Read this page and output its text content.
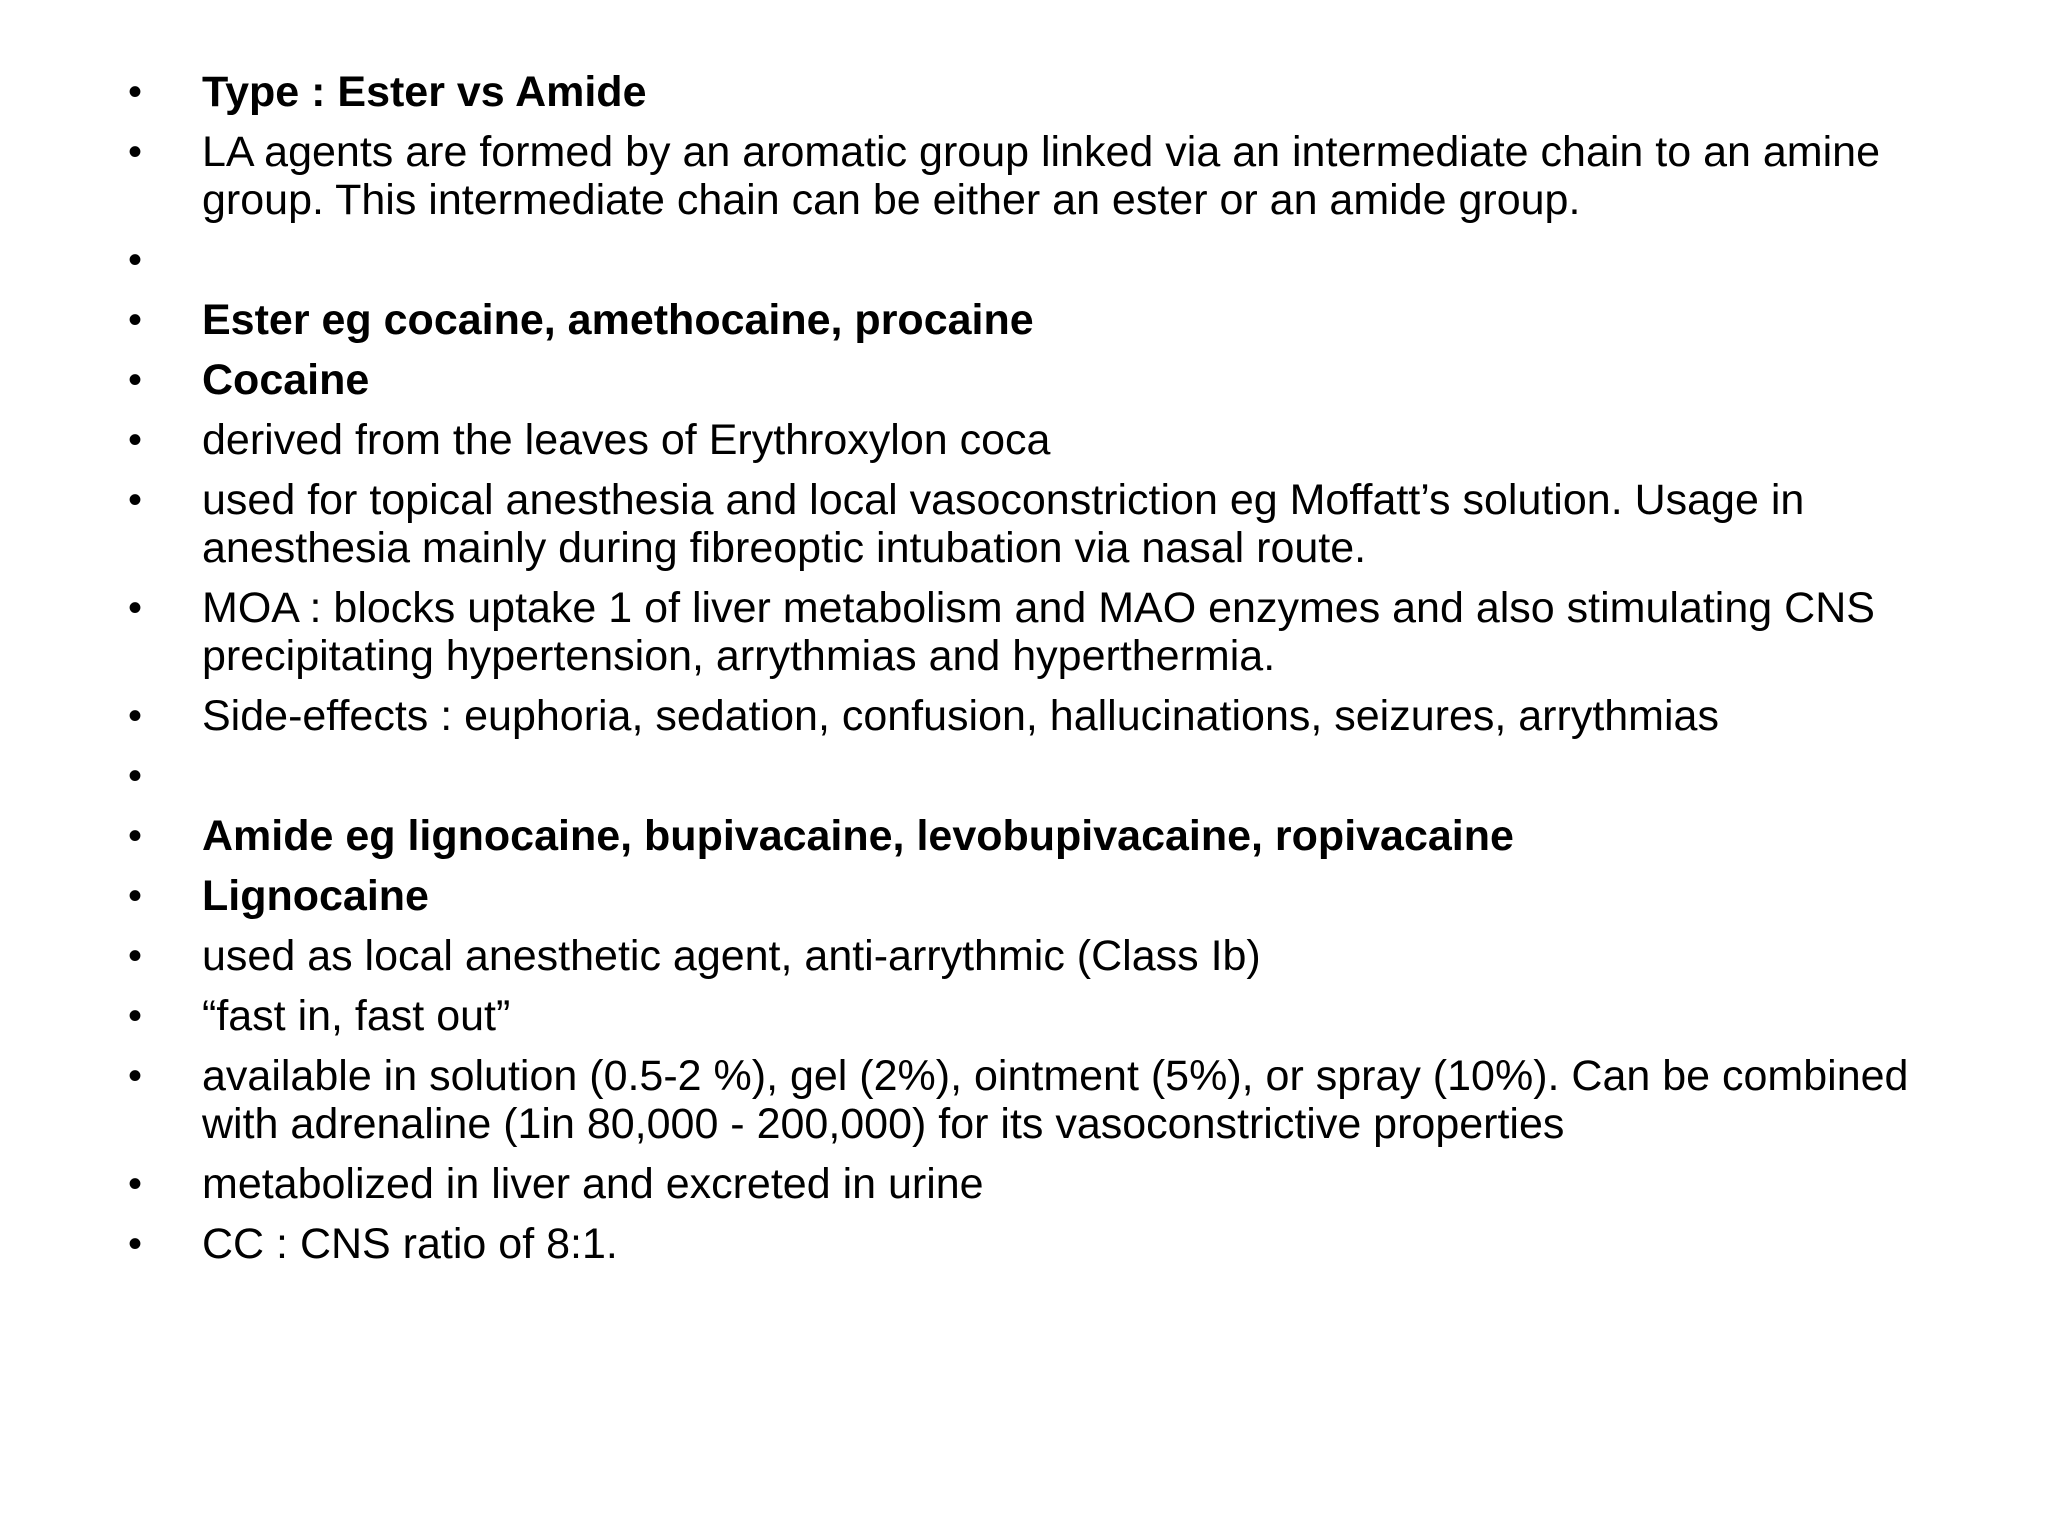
• Type : Ester vs Amide
• LA agents are formed by an aromatic group linked via an intermediate chain to an amine group. This intermediate chain can be either an ester or an amide group.
•
• Ester eg cocaine, amethocaine, procaine
• Cocaine
• derived from the leaves of Erythroxylon coca
• used for topical anesthesia and local vasoconstriction eg Moffatt’s solution. Usage in anesthesia mainly during fibreoptic intubation via nasal route.
• MOA : blocks uptake 1 of liver metabolism and MAO enzymes and also stimulating CNS precipitating hypertension, arrythmias and hyperthermia.
• Side-effects : euphoria, sedation, confusion, hallucinations, seizures, arrythmias
•
• Amide eg lignocaine, bupivacaine, levobupivacaine, ropivacaine
• Lignocaine
• used as local anesthetic agent, anti-arrythmic (Class Ib)
• “fast in, fast out”
• available in solution (0.5-2 %), gel (2%), ointment (5%), or spray (10%). Can be combined with adrenaline (1in 80,000 - 200,000) for its vasoconstrictive properties
• metabolized in liver and excreted in urine
• CC : CNS ratio of 8:1.
